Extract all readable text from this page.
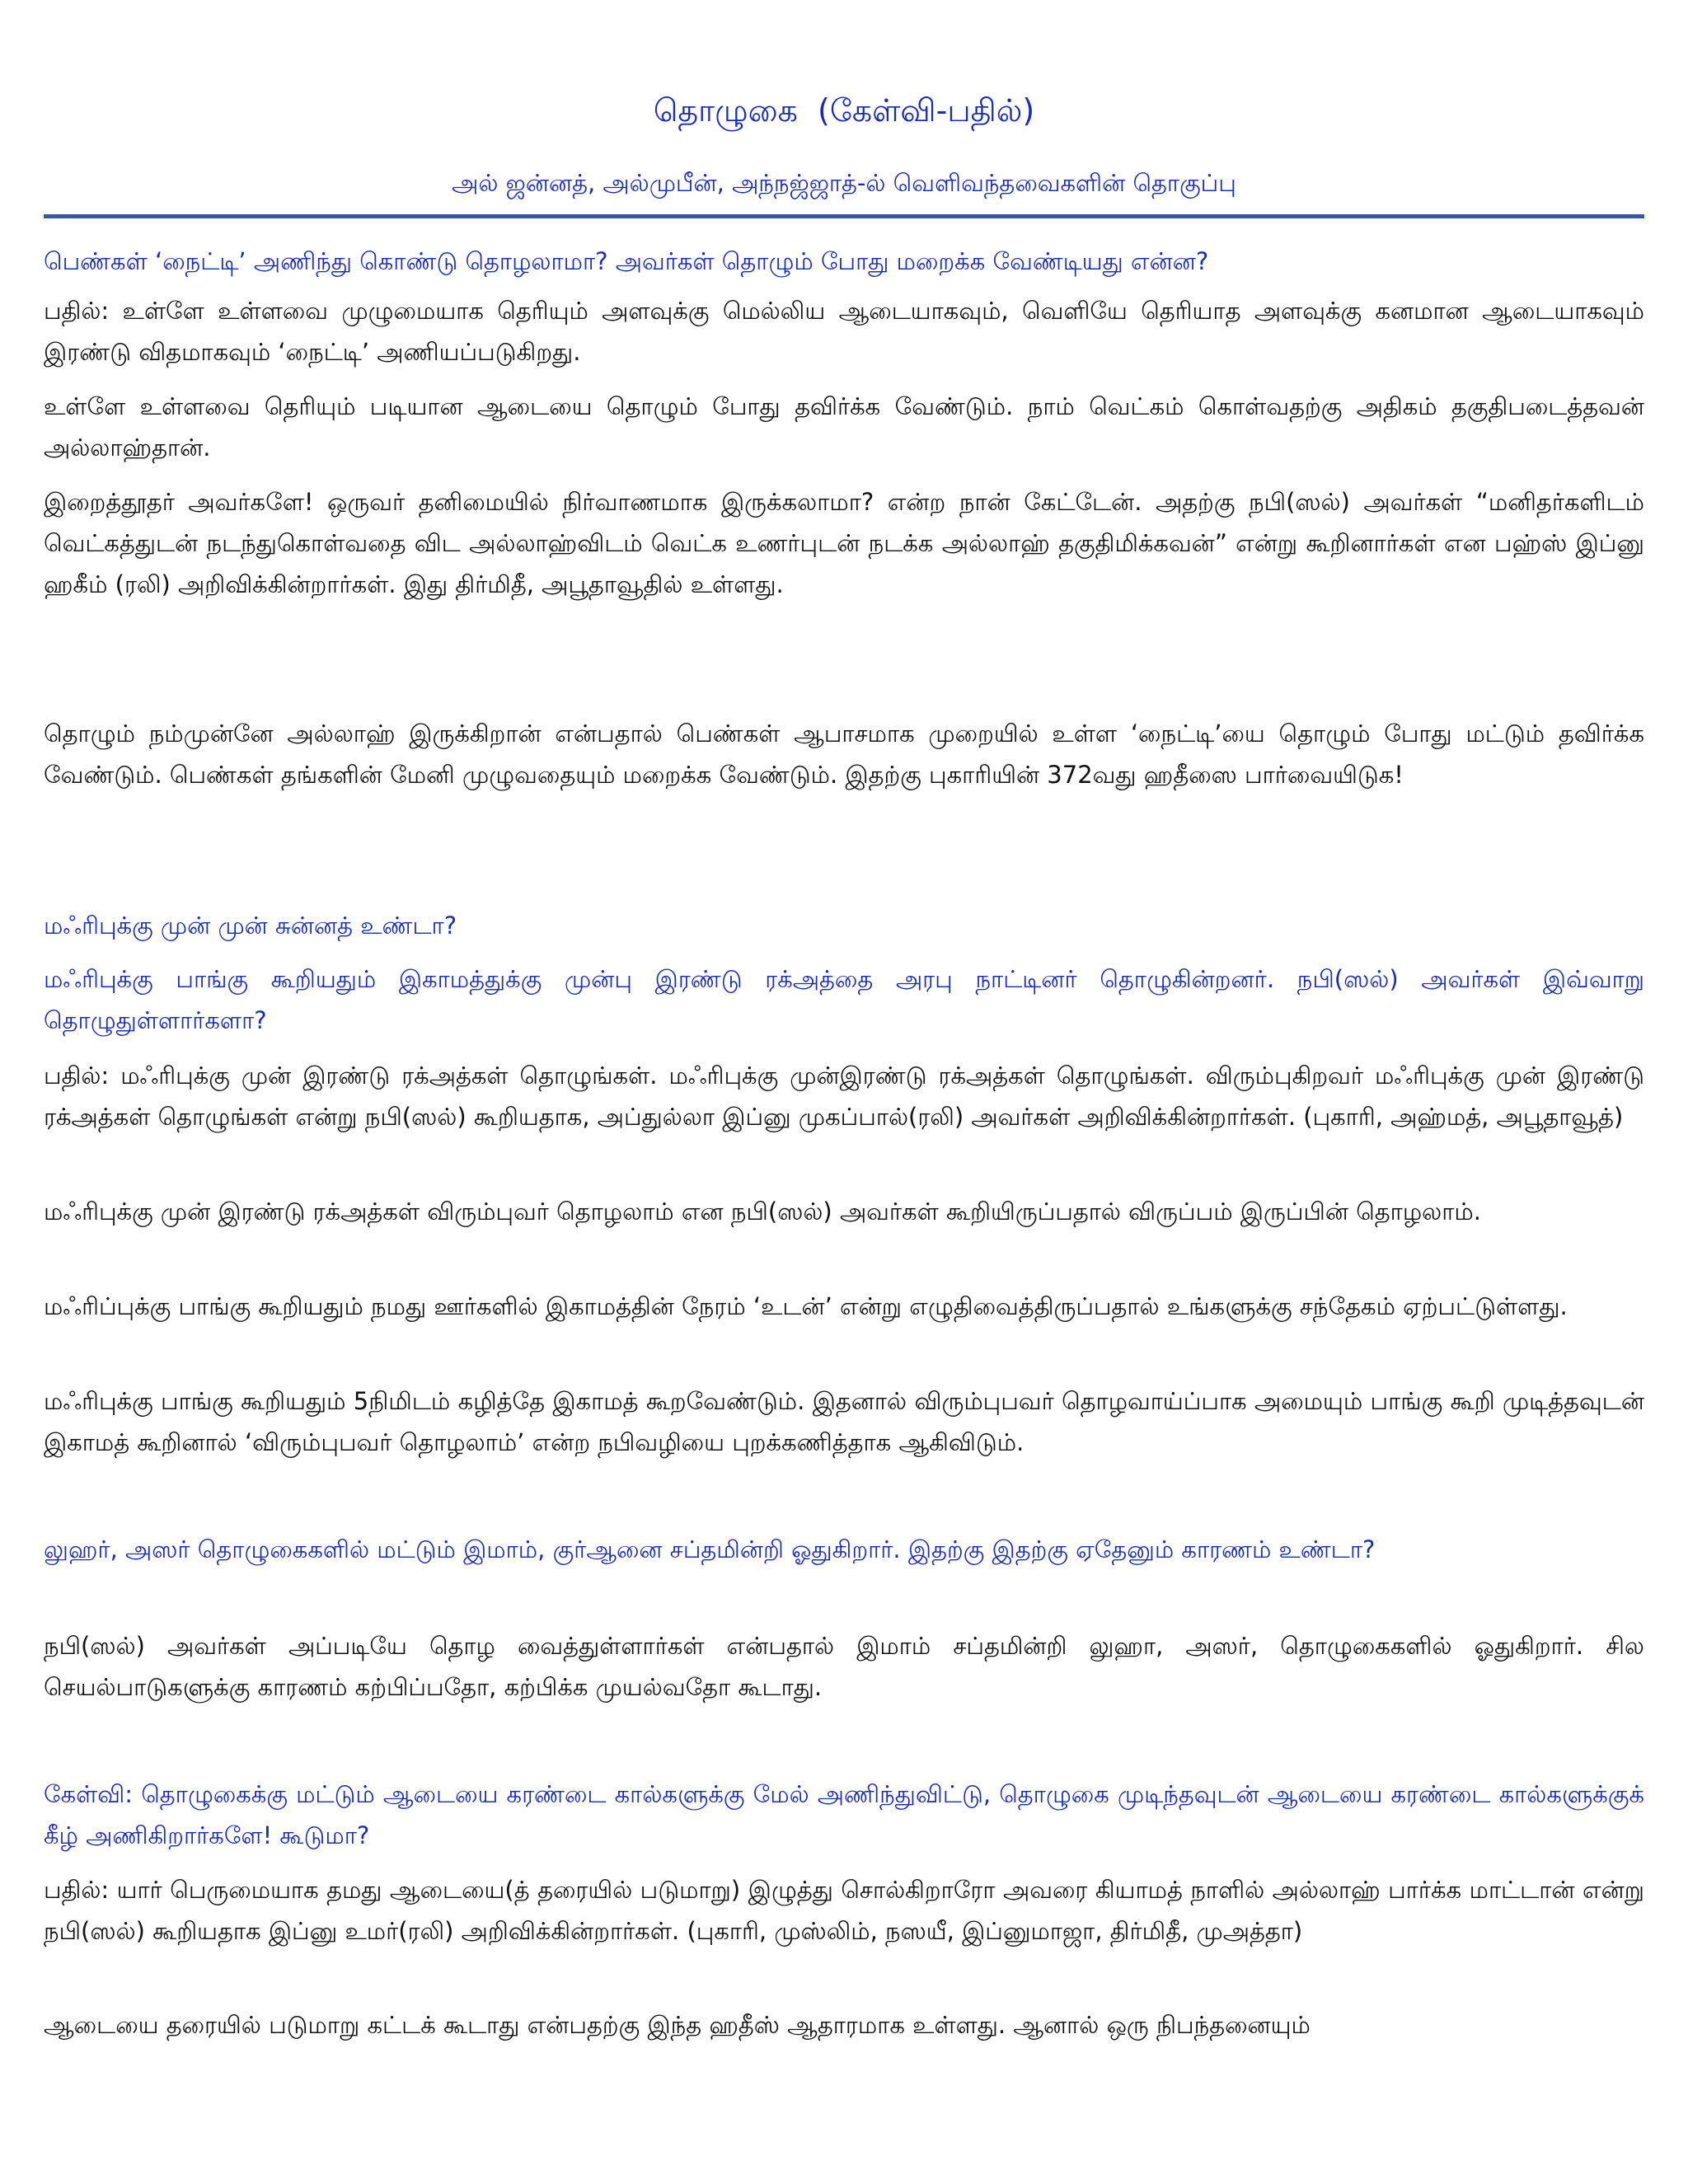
தொழுகை  (கேள்வி-பதில்)
அல் ஜன்னத், அல்முபீன், அந்நஜ்ஜாத்-ல் வெளிவந்தவைகளின் தொகுப்பு

பெண்கள் ‘நைட்டி’ அணிந்து கொண்டு தொழலாமா? அவர்கள் தொழும் போது மறைக்க வேண்டியது என்ன?

பதில்: உள்ளே உள்ளவை முழுமையாக தெரியும் அளவுக்கு மெல்லிய ஆடையாகவும், வெளியே தெரியாத அளவுக்கு கனமான ஆடையாகவும் இரண்டு விதமாகவும் ‘நைட்டி’ அணியப்படுகிறது.

உள்ளே உள்ளவை தெரியும் படியான ஆடையை தொழும் போது தவிர்க்க வேண்டும். நாம் வெட்கம் கொள்வதற்கு அதிகம் தகுதிபடைத்தவன் அல்லாஹ்தான்.

இறைத்தூதர் அவர்களே! ஒருவர் தனிமையில் நிர்வாணமாக இருக்கலாமா? என்ற நான் கேட்டேன். அதற்கு நபி(ஸல்) அவர்கள் “மனிதர்களிடம் வெட்கத்துடன் நடந்துகொள்வதை விட அல்லாஹ்விடம் வெட்க உணர்புடன் நடக்க அல்லாஹ் தகுதிமிக்கவன்” என்று கூறினார்கள் என பஹ்ஸ் இப்னு ஹகீம் (ரலி) அறிவிக்கின்றார்கள். இது திர்மிதீ, அபூதாவூதில் உள்ளது.

தொழும் நம்முன்னே அல்லாஹ் இருக்கிறான் என்பதால் பெண்கள் ஆபாசமாக முறையில் உள்ள ‘நைட்டி’யை தொழும் போது மட்டும் தவிர்க்க வேண்டும். பெண்கள் தங்களின் மேனி முழுவதையும் மறைக்க வேண்டும். இதற்கு புகாரியின் 372வது ஹதீஸை பார்வையிடுக!

மஃரிபுக்கு முன் முன் சுன்னத் உண்டா?

மஃரிபுக்கு பாங்கு கூறியதும் இகாமத்துக்கு முன்பு இரண்டு ரக்அத்தை அரபு நாட்டினர் தொழுகின்றனர். நபி(ஸல்) அவர்கள் இவ்வாறு தொழுதுள்ளார்களா?

பதில்: மஃரிபுக்கு முன் இரண்டு ரக்அத்கள் தொழுங்கள். மஃரிபுக்கு முன்இரண்டு ரக்அத்கள் தொழுங்கள். விரும்புகிறவர் மஃரிபுக்கு முன் இரண்டு ரக்அத்கள் தொழுங்கள் என்று நபி(ஸல்) கூறியதாக, அப்துல்லா இப்னு முகப்பால்(ரலி) அவர்கள் அறிவிக்கின்றார்கள். (புகாரி, அஹ்மத், அபூதாவூத்)

மஃரிபுக்கு முன் இரண்டு ரக்அத்கள் விரும்புவர் தொழலாம் என நபி(ஸல்) அவர்கள் கூறியிருப்பதால் விருப்பம் இருப்பின் தொழலாம்.

மஃரிப்புக்கு பாங்கு கூறியதும் நமது ஊர்களில் இகாமத்தின் நேரம் ‘உடன்’ என்று எழுதிவைத்திருப்பதால் உங்களுக்கு சந்தேகம் ஏற்பட்டுள்ளது.

மஃரிபுக்கு பாங்கு கூறியதும் 5நிமிடம் கழித்தே இகாமத் கூறவேண்டும். இதனால் விரும்புபவர் தொழவாய்ப்பாக அமையும் பாங்கு கூறி முடித்தவுடன் இகாமத் கூறினால் ‘விரும்புபவர் தொழலாம்’ என்ற நபிவழியை புறக்கணித்தாக ஆகிவிடும்.

லுஹர், அஸர் தொழுகைகளில் மட்டும் இமாம், குர்ஆனை சப்தமின்றி ஓதுகிறார். இதற்கு இதற்கு ஏதேனும் காரணம் உண்டா?

நபி(ஸல்) அவர்கள் அப்படியே தொழ வைத்துள்ளார்கள் என்பதால் இமாம் சப்தமின்றி லுஹா, அஸர், தொழுகைகளில் ஓதுகிறார். சில செயல்பாடுகளுக்கு காரணம் கற்பிப்பதோ, கற்பிக்க முயல்வதோ கூடாது.

கேள்வி: தொழுகைக்கு மட்டும் ஆடையை கரண்டை கால்களுக்கு மேல் அணிந்துவிட்டு, தொழுகை முடிந்தவுடன் ஆடையை கரண்டை கால்களுக்குக் கீழ் அணிகிறார்களே! கூடுமா?

பதில்: யார் பெருமையாக தமது ஆடையை(த் தரையில் படுமாறு) இழுத்து சொல்கிறாரோ அவரை கியாமத் நாளில் அல்லாஹ் பார்க்க மாட்டான் என்று நபி(ஸல்) கூறியதாக இப்னு உமர்(ரலி) அறிவிக்கின்றார்கள். (புகாரி, முஸ்லிம், நஸயீ, இப்னுமாஜா, திர்மிதீ, முஅத்தா)

ஆடையை தரையில் படுமாறு கட்டக் கூடாது என்பதற்கு இந்த ஹதீஸ் ஆதாரமாக உள்ளது. ஆனால் ஒரு நிபந்தனையும்
